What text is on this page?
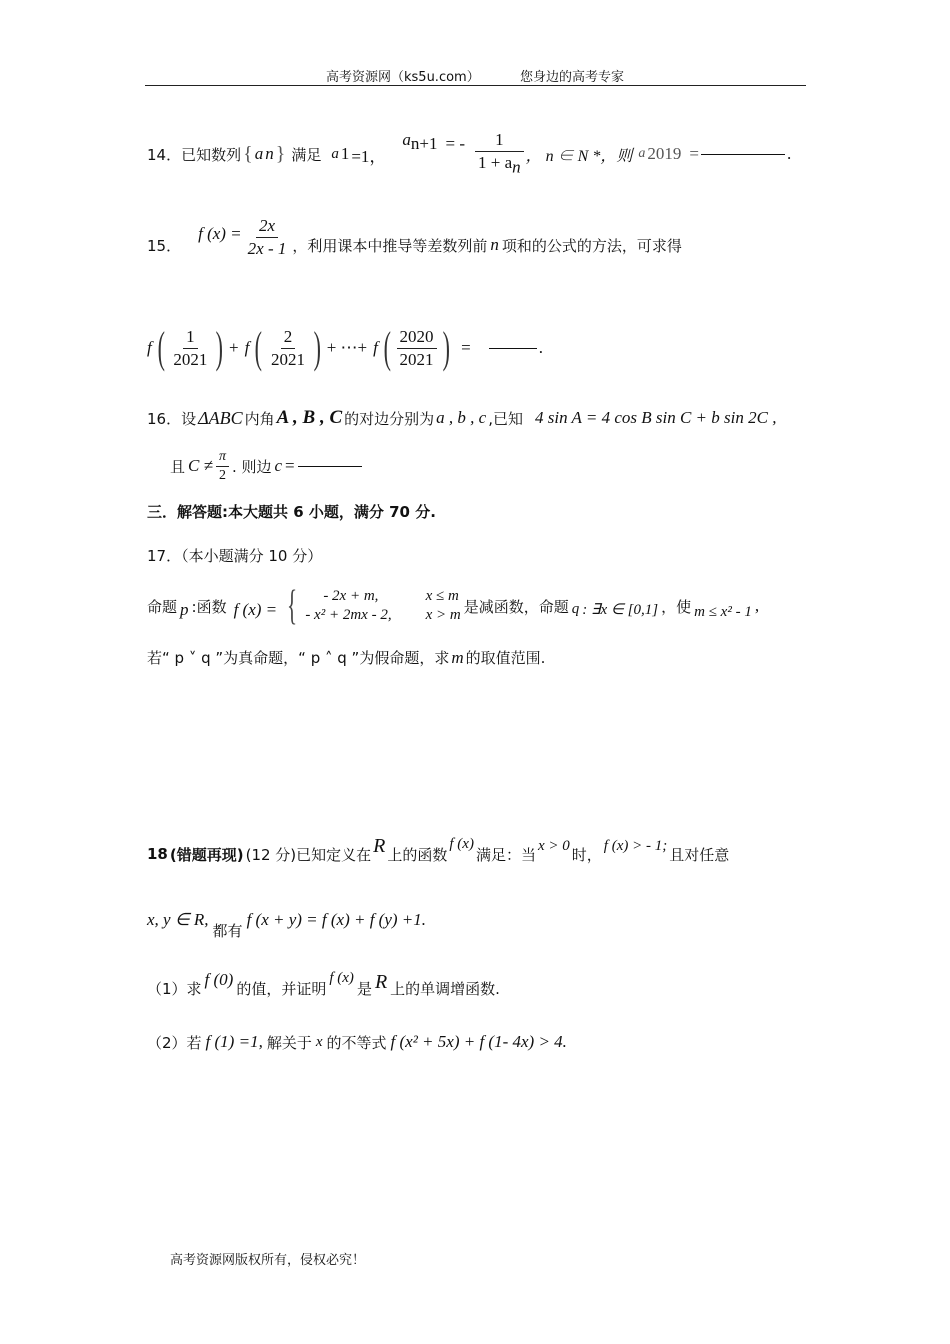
高考资源网（ks5u.com）	您身边的高考专家
14．已知数列 { a n } 满足 a 1 =1，
$a_{n+1}$ = - $\frac{1}{1 + a_n}$ ， n ∈ N *，则 a 2019 =	.
15．
f $(x) = \frac{2x}{2x - 1}$ ，利用课本中推导等差数列前 n 项和的公式的方法，可求得
f ( $\frac{1}{2021}$ ) + f ( $\frac{2}{2021}$ ) + ⋯+ f ( $\frac{2020}{2021}$ ) =	.
16．设 ΔABC 内角 A , B , C 的对边分别为 a , b , c ,已知 4 sin A = 4 cos B sin C + b sin 2C ,
且 $C \ne \frac{\pi}{2}$ . 则边 c =
三．解答题:本大题共 6 小题，满分 70 分.
17．（本小题满分 10 分）
命题 p :函数 f (x) = {	- 2x + m,	x ≤ m
- x² + 2mx - 2, x > m 是减函数，命题 q : ∃x ∈ [0,1] ，使 m ≤ x² - 1 ,
若“ p ˅ q ”为真命题，“ p ˄ q ”为假命题，求 m 的取值范围.
18 (错题再现) (12 分)已知定义在 R 上的函数
f (x)
满足：当 x > 0 时， f (x) > - 1; 且对任意
x, y ∈ R,
都有
f (x + y) = f (x) + f (y) +1.
（1）求 f (0) 的值，并证明
f (x)
是 R 上的单调增函数.
（2）若 f (1) =1, 解关于 x 的不等式 f (x² + 5x) + f (1- 4x) > 4.
高考资源网版权所有，侵权必究！
